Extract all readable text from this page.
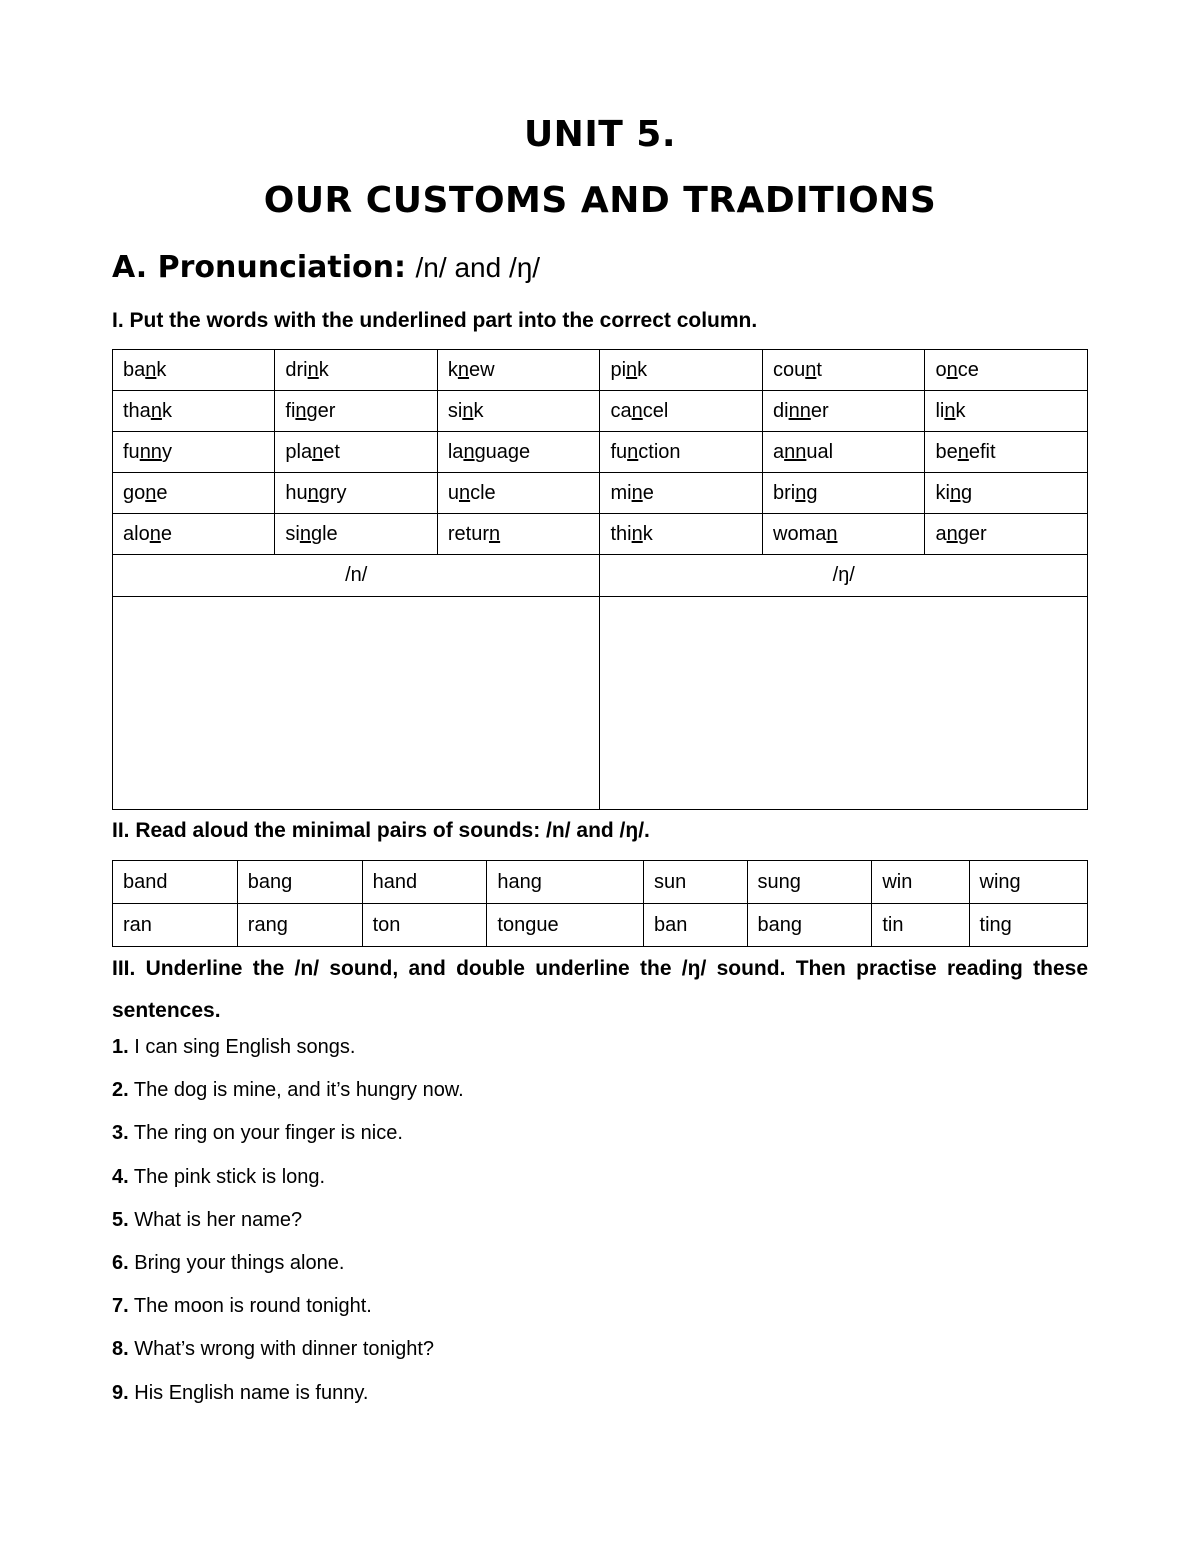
UNIT 5.
OUR CUSTOMS AND TRADITIONS
A. Pronunciation: /n/ and /ŋ/
I. Put the words with the underlined part into the correct column.
bank	drink	knew	pink	count	once
thank	finger	sink	cancel	dinner	link
funny	planet	language	function	annual	benefit
gone	hungry	uncle	mine	bring	king
alone	single	return	think	woman	anger
/n/			/ŋ/		

II. Read aloud the minimal pairs of sounds: /n/ and /ŋ/.
band	bang	hand	hang	sun	sung	win	wing
ran	rang	ton	tongue	ban	bang	tin	ting
III. Underline the /n/ sound, and double underline the /ŋ/ sound. Then practise reading these sentences.
1. I can sing English songs.
2. The dog is mine, and it’s hungry now.
3. The ring on your finger is nice.
4. The pink stick is long.
5. What is her name?
6. Bring your things alone.
7. The moon is round tonight.
8. What’s wrong with dinner tonight?
9. His English name is funny.
